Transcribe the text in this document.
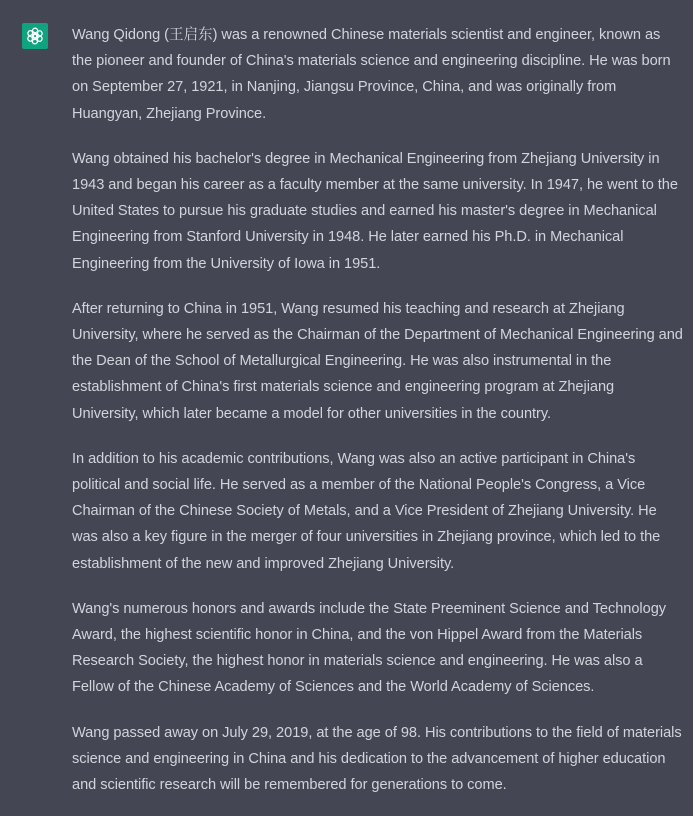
Wang Qidong (王启东) was a renowned Chinese materials scientist and engineer, known as the pioneer and founder of China's materials science and engineering discipline. He was born on September 27, 1921, in Nanjing, Jiangsu Province, China, and was originally from Huangyan, Zhejiang Province.

Wang obtained his bachelor's degree in Mechanical Engineering from Zhejiang University in 1943 and began his career as a faculty member at the same university. In 1947, he went to the United States to pursue his graduate studies and earned his master's degree in Mechanical Engineering from Stanford University in 1948. He later earned his Ph.D. in Mechanical Engineering from the University of Iowa in 1951.

After returning to China in 1951, Wang resumed his teaching and research at Zhejiang University, where he served as the Chairman of the Department of Mechanical Engineering and the Dean of the School of Metallurgical Engineering. He was also instrumental in the establishment of China's first materials science and engineering program at Zhejiang University, which later became a model for other universities in the country.

In addition to his academic contributions, Wang was also an active participant in China's political and social life. He served as a member of the National People's Congress, a Vice Chairman of the Chinese Society of Metals, and a Vice President of Zhejiang University. He was also a key figure in the merger of four universities in Zhejiang province, which led to the establishment of the new and improved Zhejiang University.

Wang's numerous honors and awards include the State Preeminent Science and Technology Award, the highest scientific honor in China, and the von Hippel Award from the Materials Research Society, the highest honor in materials science and engineering. He was also a Fellow of the Chinese Academy of Sciences and the World Academy of Sciences.

Wang passed away on July 29, 2019, at the age of 98. His contributions to the field of materials science and engineering in China and his dedication to the advancement of higher education and scientific research will be remembered for generations to come.
